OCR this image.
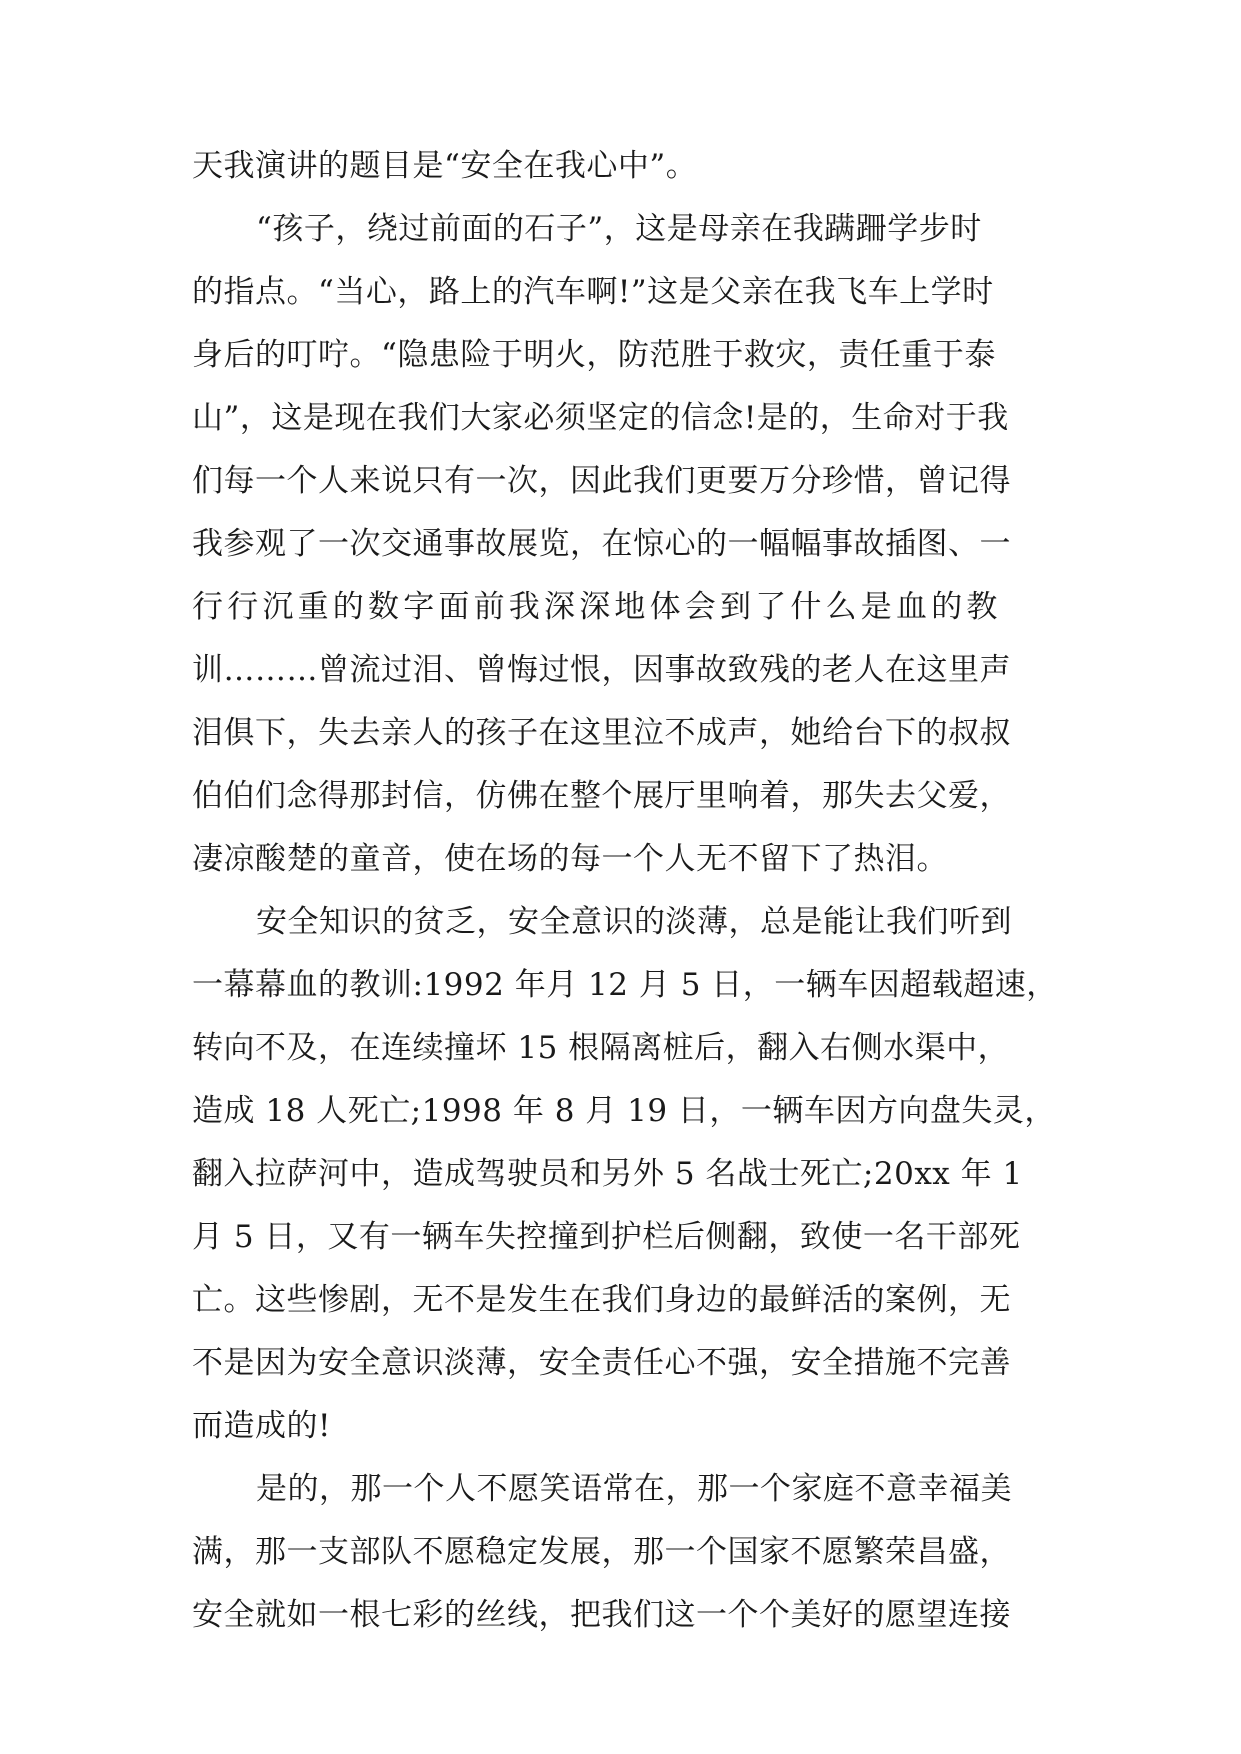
天我演讲的题目是“安全在我心中”。
“孩子，绕过前面的石子”，这是母亲在我蹒跚学步时
的指点。“当心，路上的汽车啊!”这是父亲在我飞车上学时
身后的叮咛。“隐患险于明火，防范胜于救灾，责任重于泰
山”，这是现在我们大家必须坚定的信念!是的，生命对于我
们每一个人来说只有一次，因此我们更要万分珍惜，曾记得
我参观了一次交通事故展览，在惊心的一幅幅事故插图、一
行行沉重的数字面前我深深地体会到了什么是血的教
训………曾流过泪、曾悔过恨，因事故致残的老人在这里声
泪俱下，失去亲人的孩子在这里泣不成声，她给台下的叔叔
伯伯们念得那封信，仿佛在整个展厅里响着，那失去父爱，
凄凉酸楚的童音，使在场的每一个人无不留下了热泪。
安全知识的贫乏，安全意识的淡薄，总是能让我们听到
一幕幕血的教训:1992 年月 12 月 5 日，一辆车因超载超速，
转向不及，在连续撞坏 15 根隔离桩后，翻入右侧水渠中，
造成 18 人死亡;1998 年 8 月 19 日，一辆车因方向盘失灵，
翻入拉萨河中，造成驾驶员和另外 5 名战士死亡;20xx 年 1
月 5 日，又有一辆车失控撞到护栏后侧翻，致使一名干部死
亡。这些惨剧，无不是发生在我们身边的最鲜活的案例，无
不是因为安全意识淡薄，安全责任心不强，安全措施不完善
而造成的!
是的，那一个人不愿笑语常在，那一个家庭不意幸福美
满，那一支部队不愿稳定发展，那一个国家不愿繁荣昌盛，
安全就如一根七彩的丝线，把我们这一个个美好的愿望连接
